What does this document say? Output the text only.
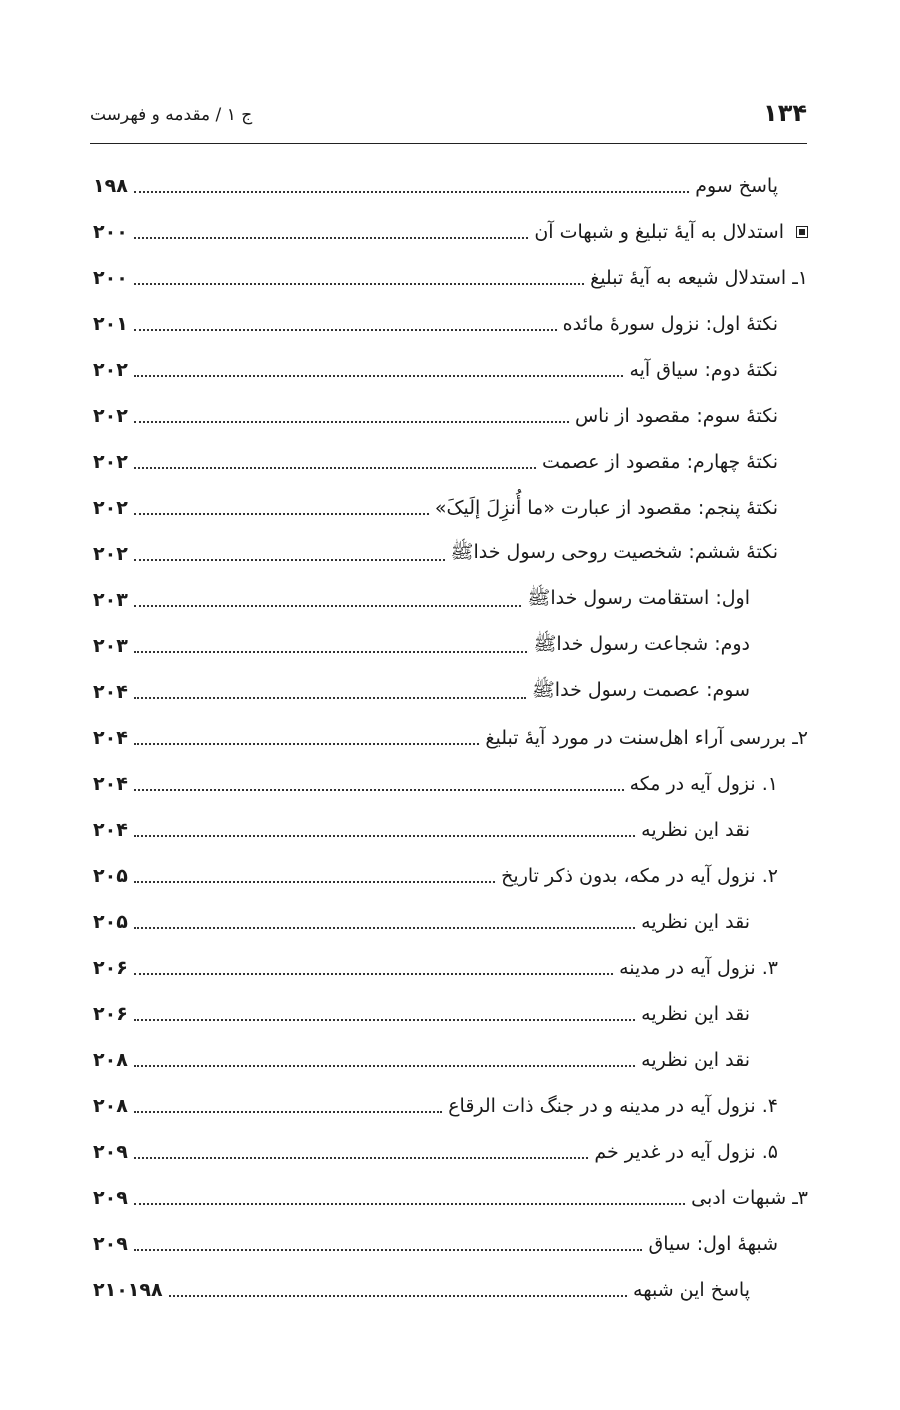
۱۳۴
ج ۱ / مقدمه و فهرست
پاسخ سوم
۱۹۸
استدلال به آیهٔ تبلیغ و شبهات آن
۲۰۰
۱ـ استدلال شیعه به آیهٔ تبلیغ
۲۰۰
نکتهٔ اول: نزول سورهٔ مائده
۲۰۱
نکتهٔ دوم: سیاق آیه
۲۰۲
نکتهٔ سوم: مقصود از ناس
۲۰۲
نکتهٔ چهارم: مقصود از عصمت
۲۰۲
نکتهٔ پنجم: مقصود از عبارت «ما أُنزِلَ إلَیکَ»
۲۰۲
نکتهٔ ششم: شخصیت روحی رسول خداﷺ
۲۰۲
اول: استقامت رسول خداﷺ
۲۰۳
دوم: شجاعت رسول خداﷺ
۲۰۳
سوم: عصمت رسول خداﷺ
۲۰۴
۲ـ بررسی آراء اهل‌سنت در مورد آیهٔ تبلیغ
۲۰۴
۱. نزول آیه در مکه
۲۰۴
نقد این نظریه
۲۰۴
۲. نزول آیه در مکه، بدون ذکر تاریخ
۲۰۵
نقد این نظریه
۲۰۵
۳. نزول آیه در مدینه
۲۰۶
نقد این نظریه
۲۰۶
نقد این نظریه
۲۰۸
۴. نزول آیه در مدینه و در جنگ ذات الرقاع
۲۰۸
۵. نزول آیه در غدیر خم
۲۰۹
۳ـ شبهات ادبی
۲۰۹
شبههٔ اول: سیاق
۲۰۹
پاسخ این شبهه
۲۱۰۱۹۸
